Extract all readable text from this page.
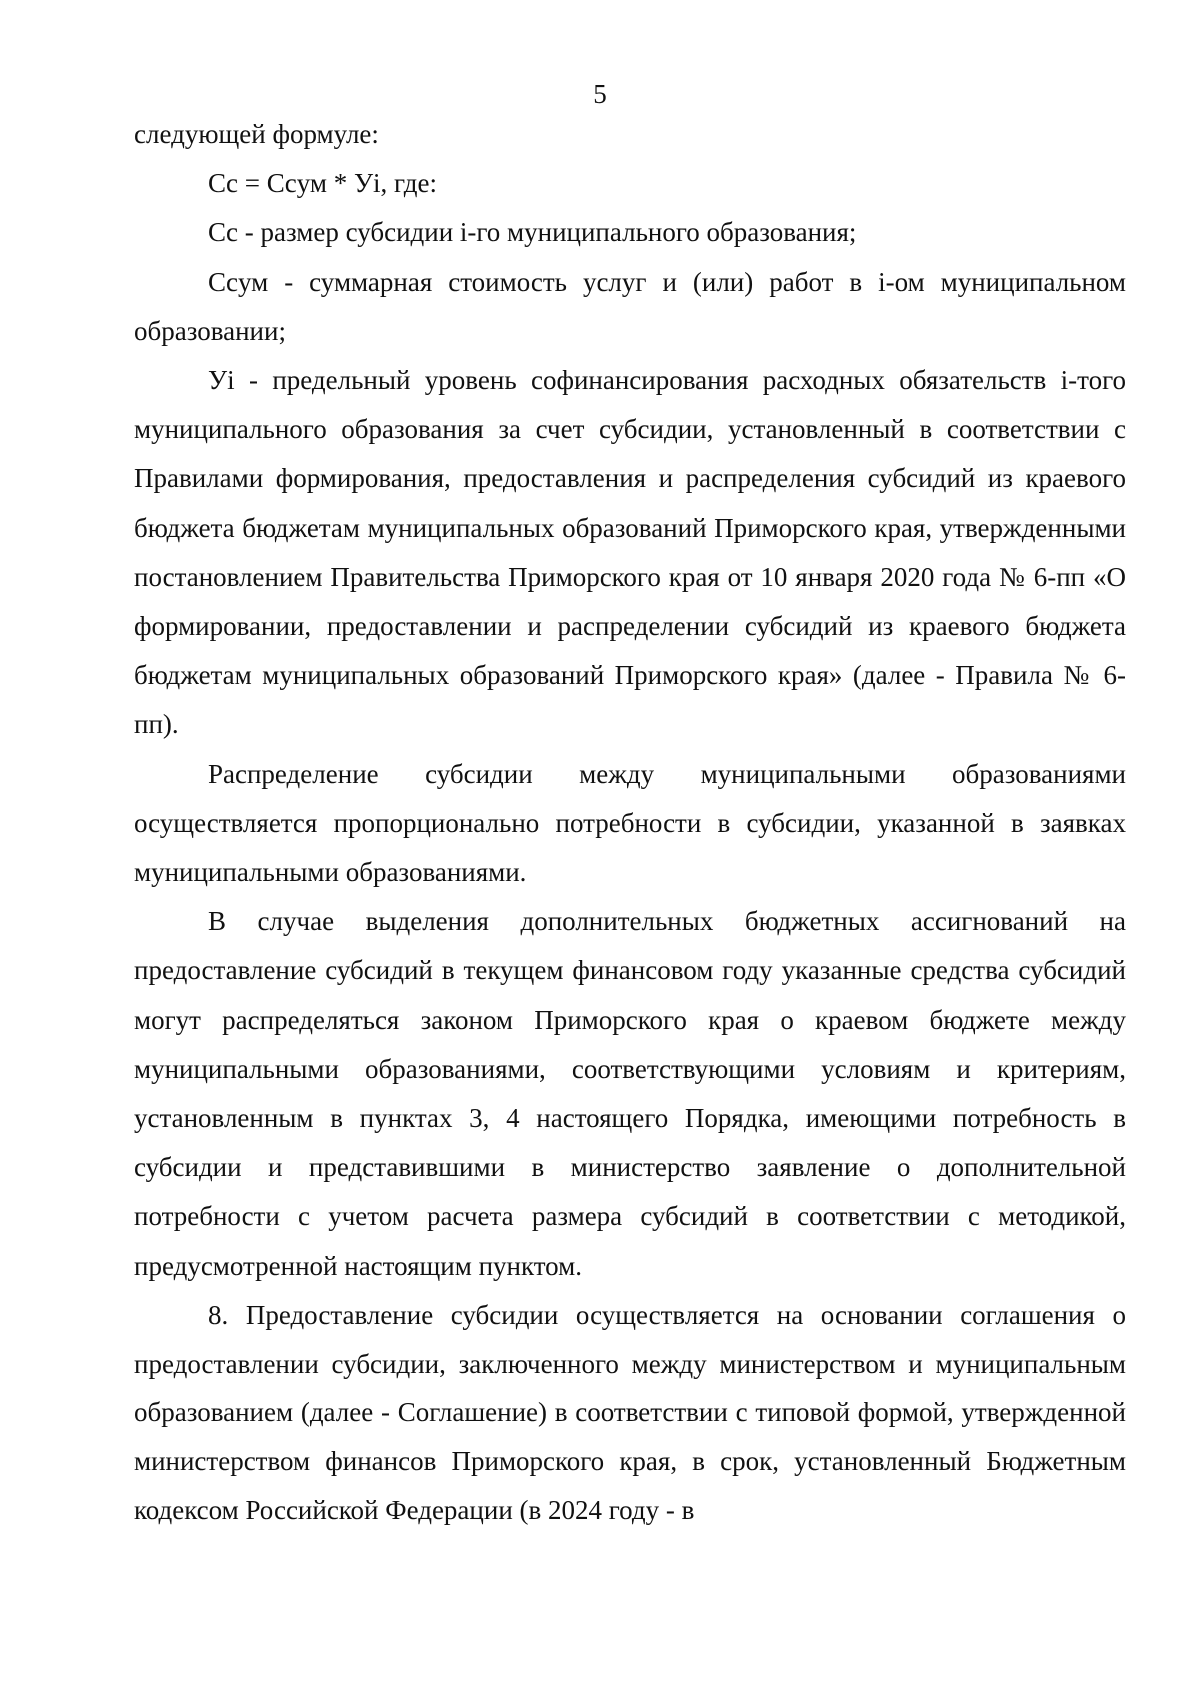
5

следующей формуле:

Cc = Ccум * Уi, где:

Cc - размер субсидии i-го муниципального образования;

Ccум - суммарная стоимость услуг и (или) работ в i-ом муниципальном образовании;

Уi - предельный уровень софинансирования расходных обязательств i-того муниципального образования за счет субсидии, установленный в соответствии с Правилами формирования, предоставления и распределения субсидий из краевого бюджета бюджетам муниципальных образований Приморского края, утвержденными постановлением Правительства Приморского края от 10 января 2020 года № 6-пп «О формировании, предоставлении и распределении субсидий из краевого бюджета бюджетам муниципальных образований Приморского края» (далее - Правила № 6-пп).

Распределение субсидии между муниципальными образованиями осуществляется пропорционально потребности в субсидии, указанной в заявках муниципальными образованиями.

В случае выделения дополнительных бюджетных ассигнований на предоставление субсидий в текущем финансовом году указанные средства субсидий могут распределяться законом Приморского края о краевом бюджете между муниципальными образованиями, соответствующими условиям и критериям, установленным в пунктах 3, 4 настоящего Порядка, имеющими потребность в субсидии и представившими в министерство заявление о дополнительной потребности с учетом расчета размера субсидий в соответствии с методикой, предусмотренной настоящим пунктом.

8. Предоставление субсидии осуществляется на основании соглашения о предоставлении субсидии, заключенного между министерством и муниципальным образованием (далее - Соглашение) в соответствии с типовой формой, утвержденной министерством финансов Приморского края, в срок, установленный Бюджетным кодексом Российской Федерации (в 2024 году - в
